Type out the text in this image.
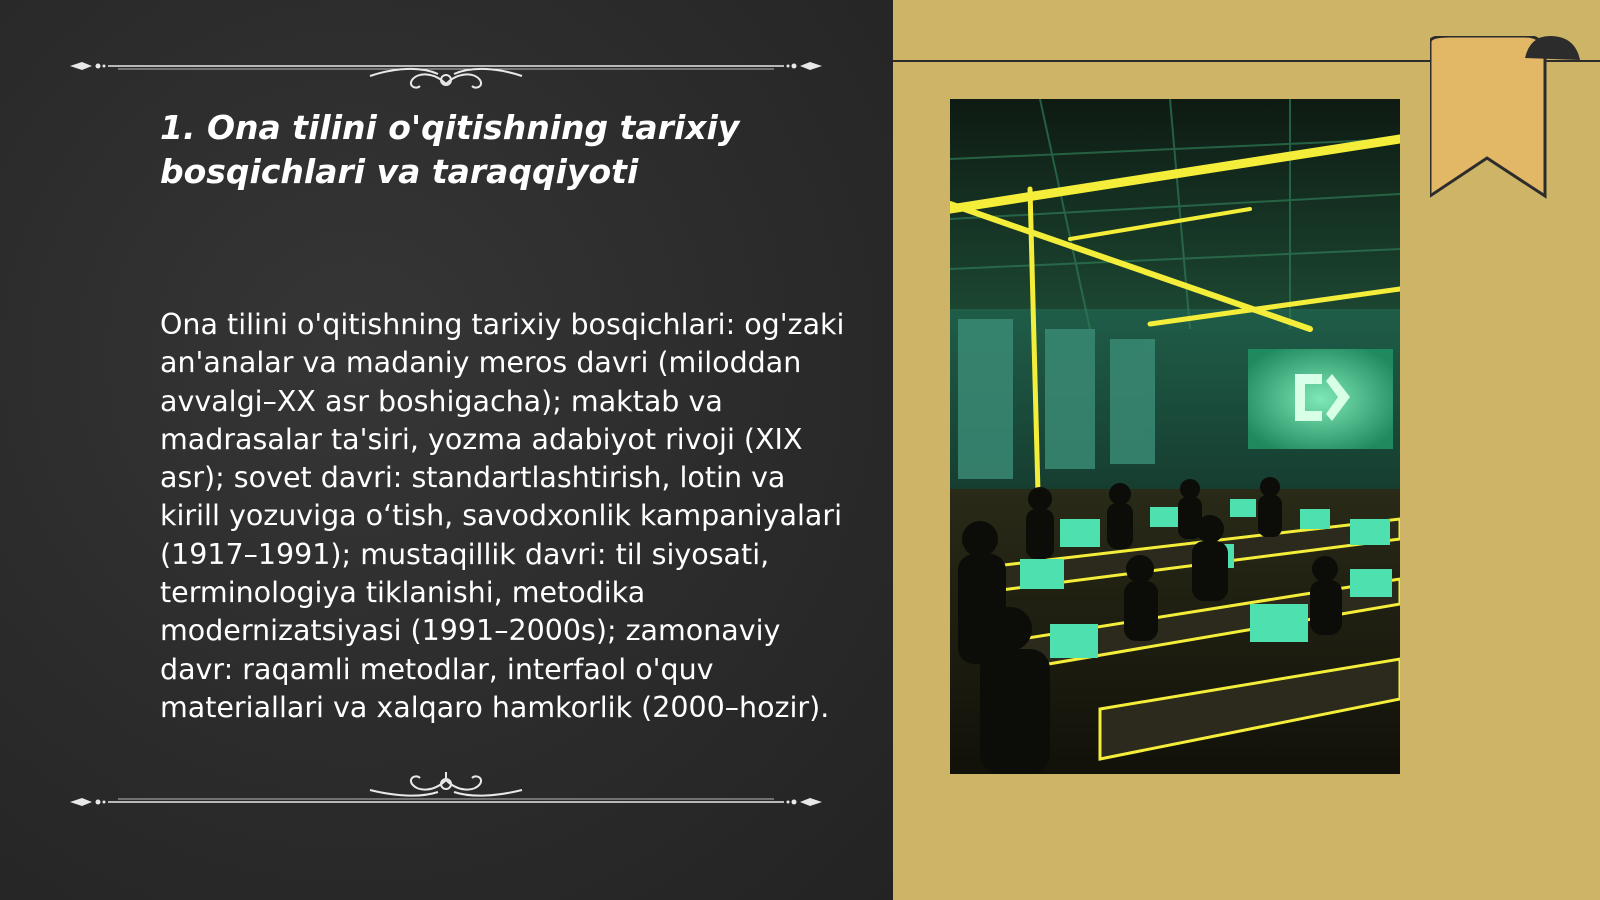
1. Ona tilini o'qitishning tarixiy bosqichlari va taraqqiyoti

Ona tilini o'qitishning tarixiy bosqichlari: og'zaki an'analar va madaniy meros davri (miloddan avvalgi–XX asr boshigacha); maktab va madrasalar ta'siri, yozma adabiyot rivoji (XIX asr); sovet davri: standartlashtirish, lotin va kirill yozuviga o‘tish, savodxonlik kampaniyalari (1917–1991); mustaqillik davri: til siyosati, terminologiya tiklanishi, metodika modernizatsiyasi (1991–2000s); zamonaviy davr: raqamli metodlar, interfaol o'quv materiallari va xalqaro hamkorlik (2000–hozir).
